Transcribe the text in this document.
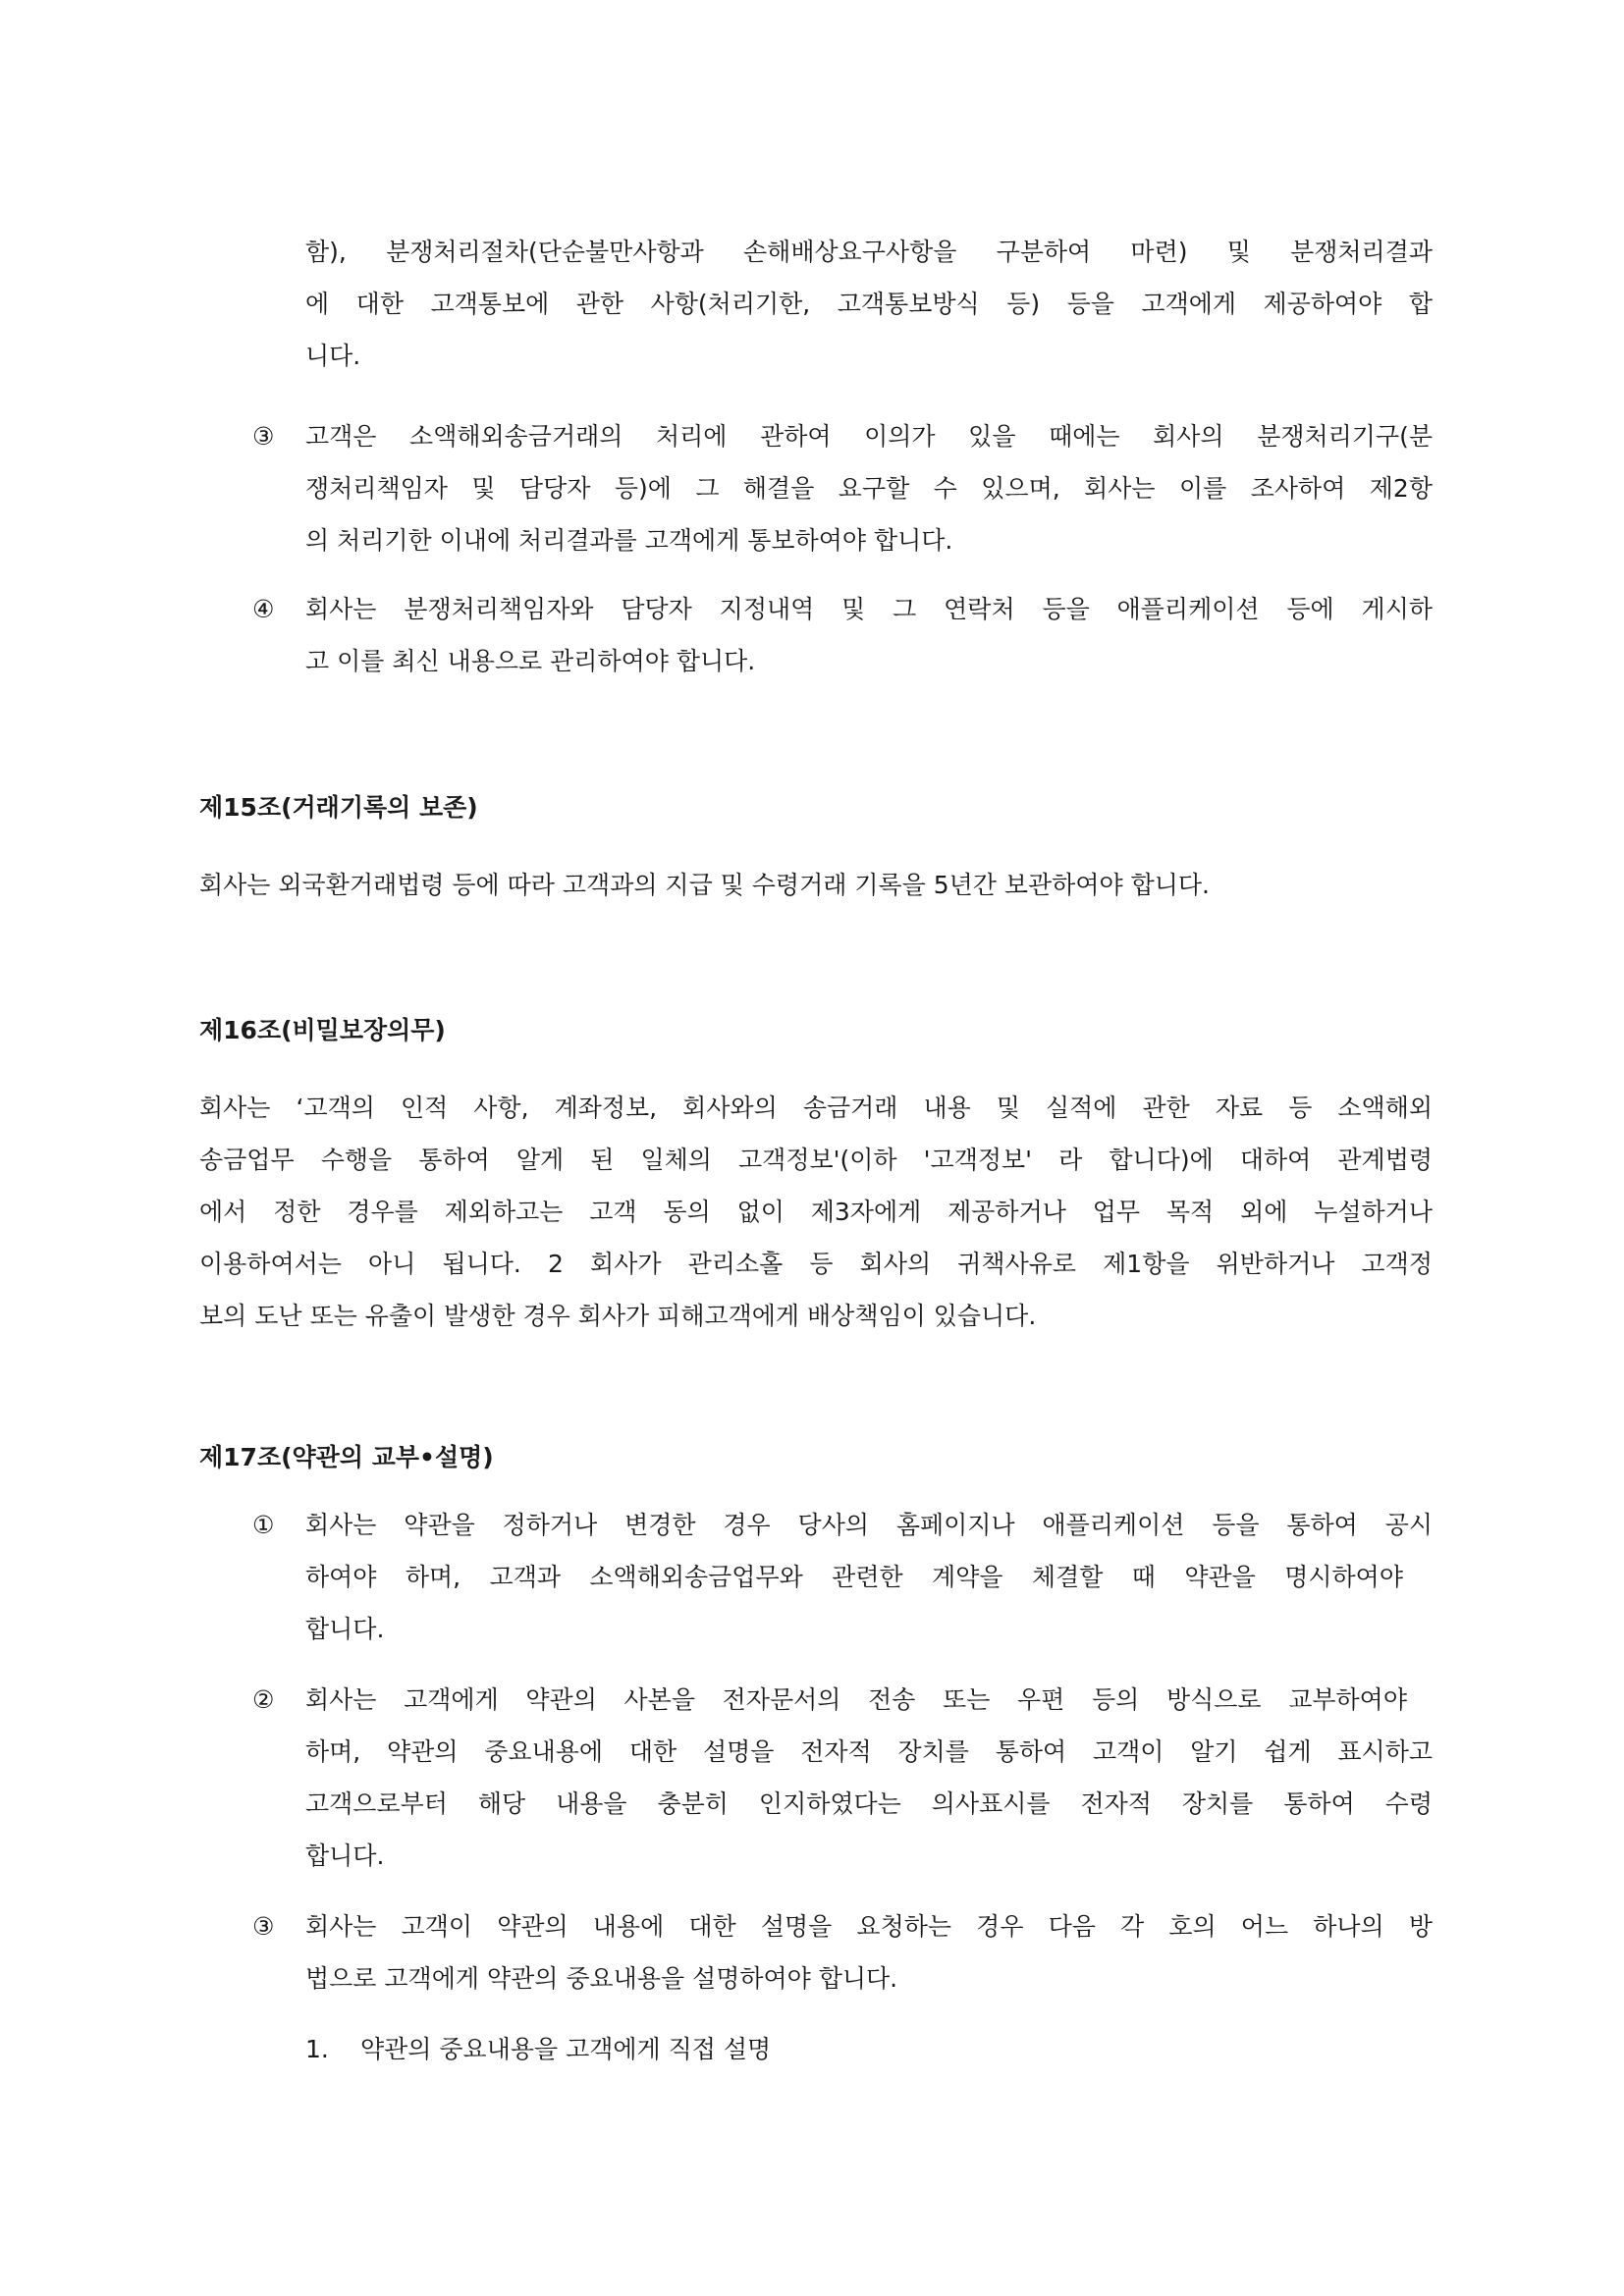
함), 분쟁처리절차(단순불만사항과 손해배상요구사항을 구분하여 마련) 및 분쟁처리결과
에 대한 고객통보에 관한 사항(처리기한, 고객통보방식 등) 등을 고객에게 제공하여야 합
니다.
③	고객은 소액해외송금거래의 처리에 관하여 이의가 있을 때에는 회사의 분쟁처리기구(분
쟁처리책임자 및 담당자 등)에 그 해결을 요구할 수 있으며, 회사는 이를 조사하여 제2항
의 처리기한 이내에 처리결과를 고객에게 통보하여야 합니다.
④	회사는 분쟁처리책임자와 담당자 지정내역 및 그 연락처 등을 애플리케이션 등에 게시하
고 이를 최신 내용으로 관리하여야 합니다.
제15조(거래기록의 보존)
회사는 외국환거래법령 등에 따라 고객과의 지급 및 수령거래 기록을 5년간 보관하여야 합니다.
제16조(비밀보장의무)
회사는 ‘고객의 인적 사항, 계좌정보, 회사와의 송금거래 내용 및 실적에 관한 자료 등 소액해외
송금업무 수행을 통하여 알게 된 일체의 고객정보'(이하 '고객정보' 라 합니다)에 대하여 관계법령
에서 정한 경우를 제외하고는 고객 동의 없이 제3자에게 제공하거나 업무 목적 외에 누설하거나
이용하여서는 아니 됩니다. 2 회사가 관리소홀 등 회사의 귀책사유로 제1항을 위반하거나 고객정
보의 도난 또는 유출이 발생한 경우 회사가 피해고객에게 배상책임이 있습니다.
제17조(약관의 교부•설명)
①	회사는 약관을 정하거나 변경한 경우 당사의 홈페이지나 애플리케이션 등을 통하여 공시
하여야 하며, 고객과 소액해외송금업무와 관련한 계약을 체결할 때 약관을 명시하여야
합니다.
②	회사는 고객에게 약관의 사본을 전자문서의 전송 또는 우편 등의 방식으로 교부하여야
하며, 약관의 중요내용에 대한 설명을 전자적 장치를 통하여 고객이 알기 쉽게 표시하고
고객으로부터 해당 내용을 충분히 인지하였다는 의사표시를 전자적 장치를 통하여 수령
합니다.
③	회사는 고객이 약관의 내용에 대한 설명을 요청하는 경우 다음 각 호의 어느 하나의 방
법으로 고객에게 약관의 중요내용을 설명하여야 합니다.
1. 약관의 중요내용을 고객에게 직접 설명
